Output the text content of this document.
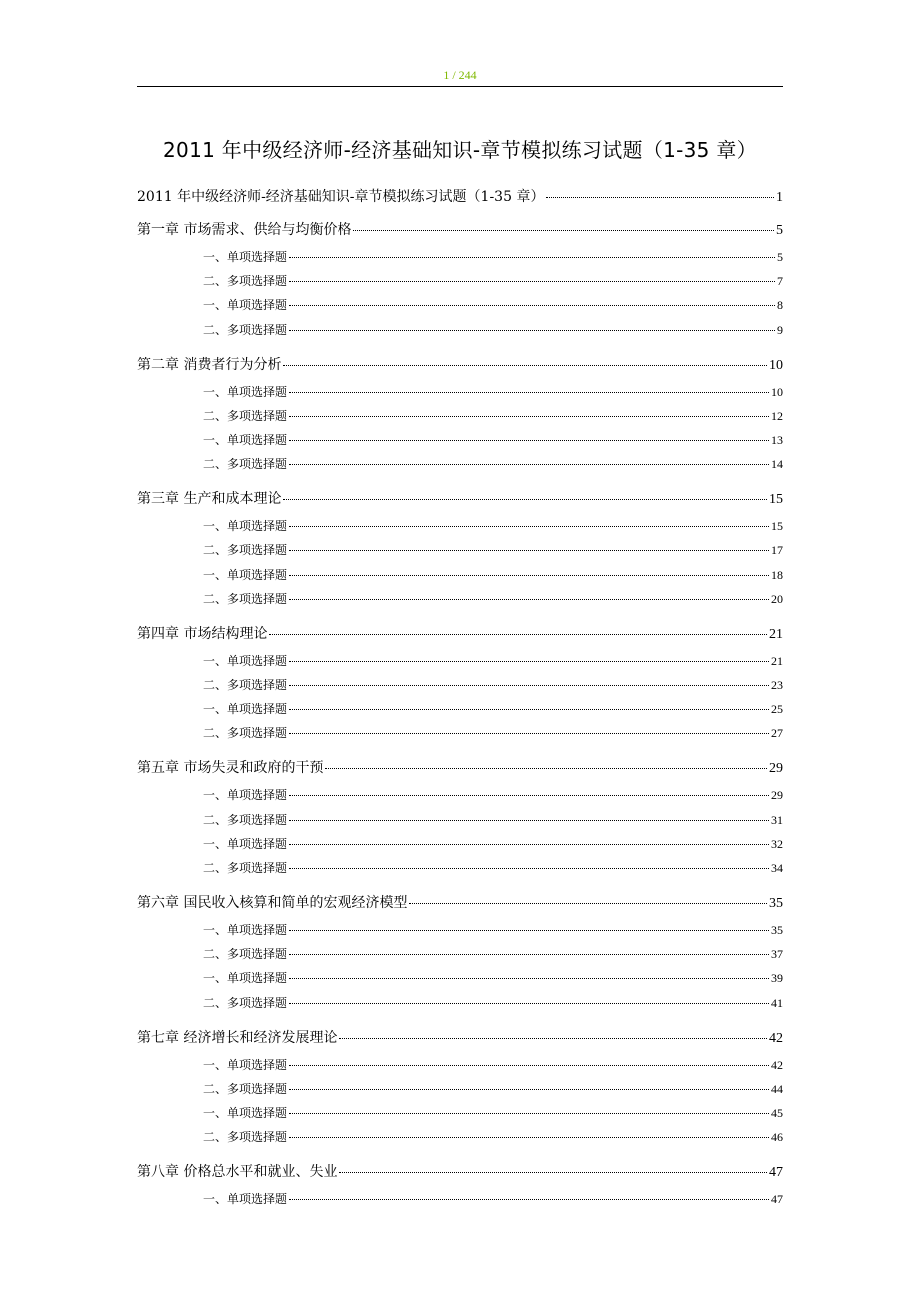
1 / 244
2011 年中级经济师-经济基础知识-章节模拟练习试题（1-35 章）
2011 年中级经济师-经济基础知识-章节模拟练习试题（1-35 章）	1
第一章 市场需求、供给与均衡价格	5
一、单项选择题	5
二、多项选择题	7
一、单项选择题	8
二、多项选择题	9
第二章 消费者行为分析	10
一、单项选择题	10
二、多项选择题	12
一、单项选择题	13
二、多项选择题	14
第三章 生产和成本理论	15
一、单项选择题	15
二、多项选择题	17
一、单项选择题	18
二、多项选择题	20
第四章 市场结构理论	21
一、单项选择题	21
二、多项选择题	23
一、单项选择题	25
二、多项选择题	27
第五章 市场失灵和政府的干预	29
一、单项选择题	29
二、多项选择题	31
一、单项选择题	32
二、多项选择题	34
第六章 国民收入核算和简单的宏观经济模型	35
一、单项选择题	35
二、多项选择题	37
一、单项选择题	39
二、多项选择题	41
第七章 经济增长和经济发展理论	42
一、单项选择题	42
二、多项选择题	44
一、单项选择题	45
二、多项选择题	46
第八章 价格总水平和就业、失业	47
一、单项选择题	47
